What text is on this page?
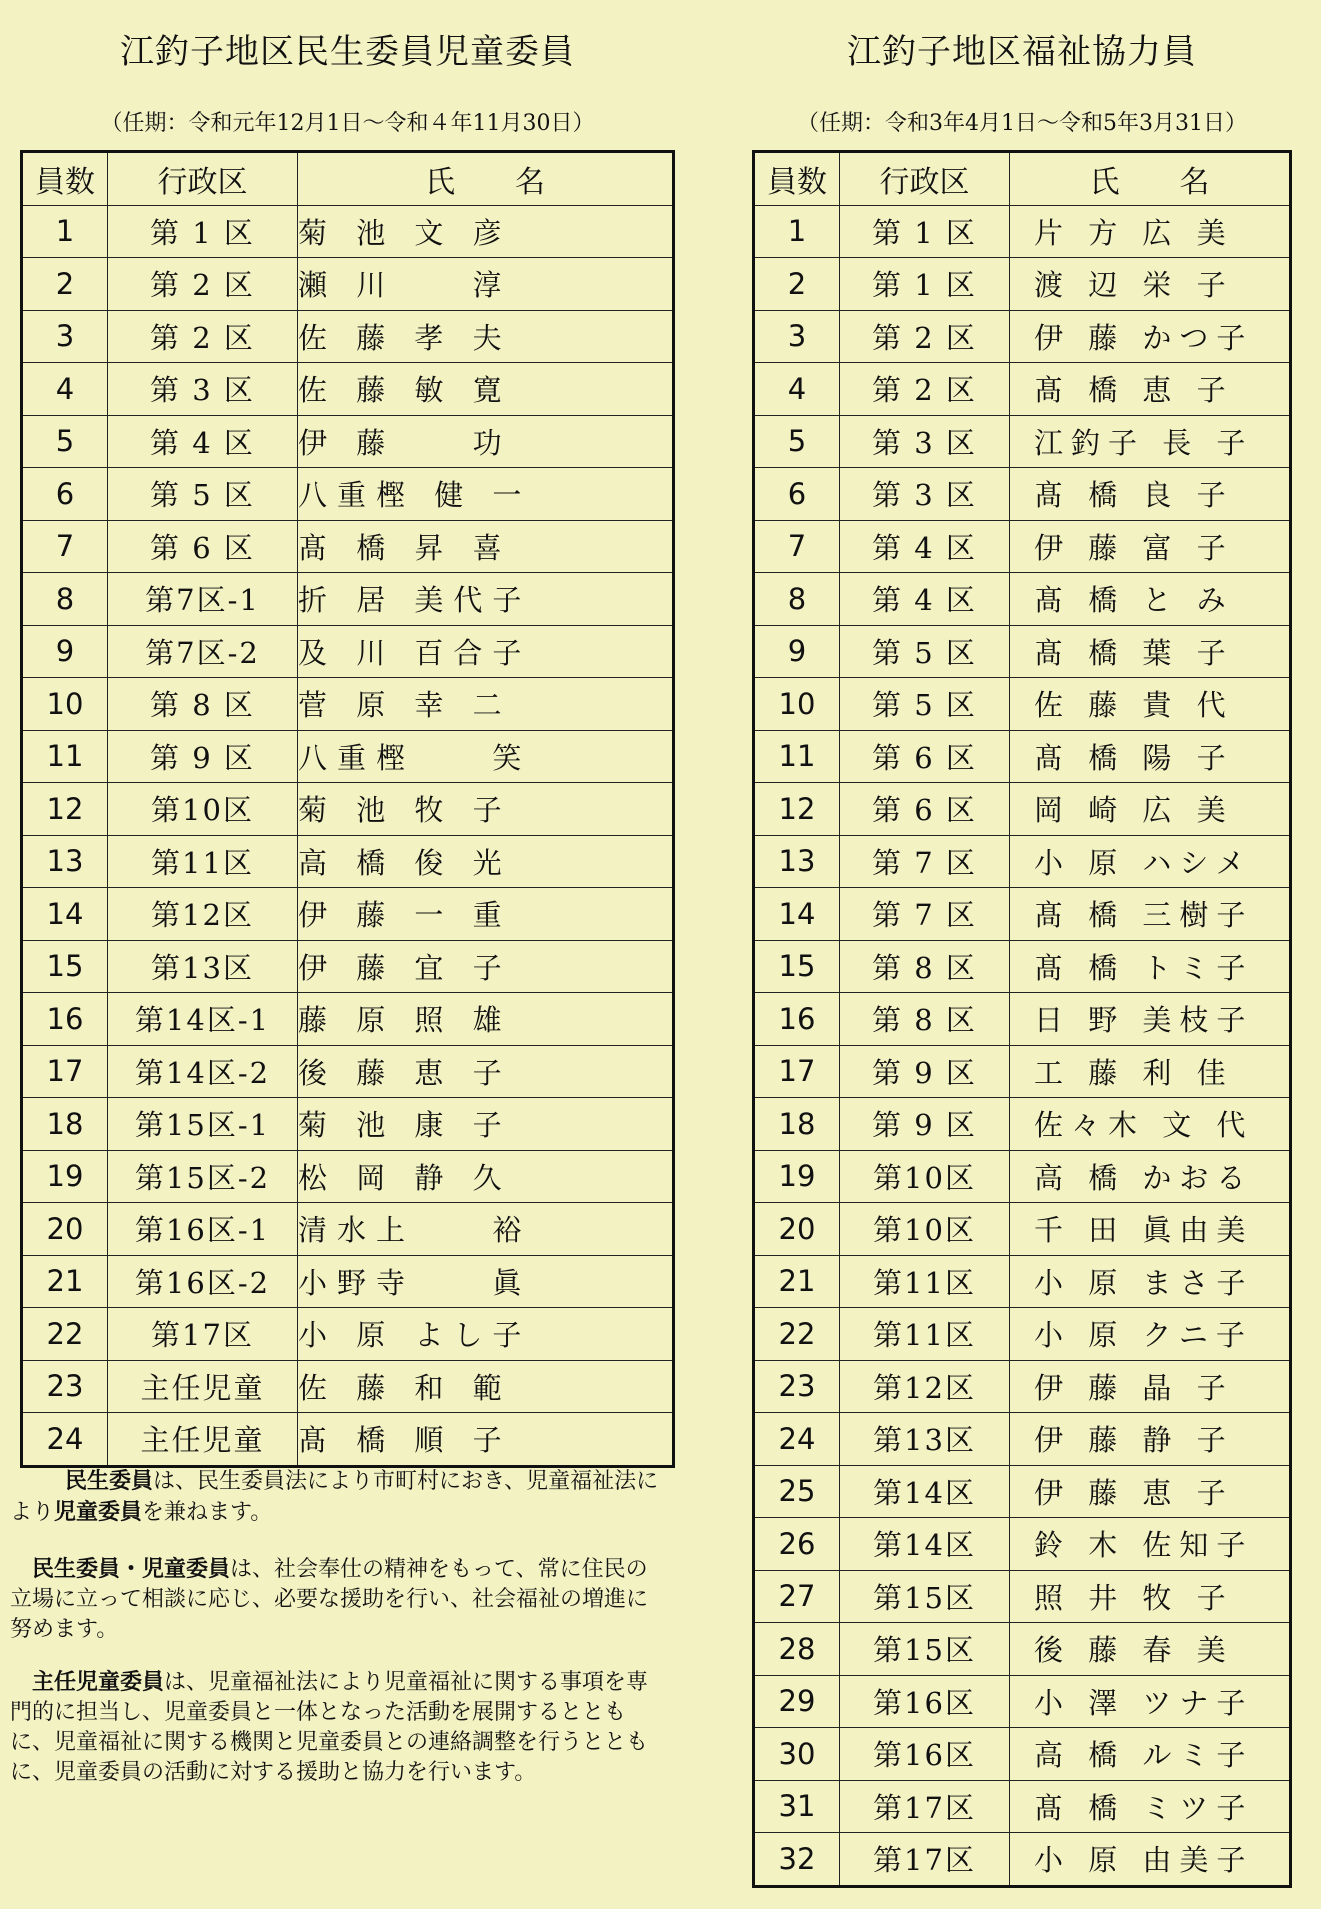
江釣子地区民生委員児童委員
（任期：令和元年12月1日～令和４年11月30日）
員数	行政区	氏　　名
1	第 1 区	菊 池 文 彦
2	第 2 区	瀬 川 　 淳
3	第 2 区	佐 藤 孝 夫
4	第 3 区	佐 藤 敏 寛
5	第 4 区	伊 藤 　 功
6	第 5 区	八重樫 健 一
7	第 6 区	髙 橋 昇 喜
8	第7区-1	折 居 美代子
9	第7区-2	及 川 百合子
10	第 8 区	菅 原 幸 二
11	第 9 区	八重樫 　 笑
12	第10区	菊 池 牧 子
13	第11区	高 橋 俊 光
14	第12区	伊 藤 一 重
15	第13区	伊 藤 宜 子
16	第14区-1	藤 原 照 雄
17	第14区-2	後 藤 恵 子
18	第15区-1	菊 池 康 子
19	第15区-2	松 岡 静 久
20	第16区-1	清水上 　 裕
21	第16区-2	小野寺 　 眞
22	第17区	小 原 よし子
23	主任児童	佐 藤 和 範
24	主任児童	髙 橋 順 子
江釣子地区福祉協力員
（任期：令和3年4月1日～令和5年3月31日）
員数	行政区	氏　　名
1	第 1 区	片 方 広 美
2	第 1 区	渡 辺 栄 子
3	第 2 区	伊 藤 かつ子
4	第 2 区	髙 橋 恵 子
5	第 3 区	江釣子 長 子
6	第 3 区	髙 橋 良 子
7	第 4 区	伊 藤 富 子
8	第 4 区	髙 橋 と み
9	第 5 区	髙 橋 葉 子
10	第 5 区	佐 藤 貴 代
11	第 6 区	髙 橋 陽 子
12	第 6 区	岡 崎 広 美
13	第 7 区	小 原 ハシメ
14	第 7 区	髙 橋 三樹子
15	第 8 区	髙 橋 トミ子
16	第 8 区	日 野 美枝子
17	第 9 区	工 藤 利 佳
18	第 9 区	佐々木 文 代
19	第10区	高 橋 かおる
20	第10区	千 田 眞由美
21	第11区	小 原 まさ子
22	第11区	小 原 クニ子
23	第12区	伊 藤 晶 子
24	第13区	伊 藤 静 子
25	第14区	伊 藤 恵 子
26	第14区	鈴 木 佐知子
27	第15区	照 井 牧 子
28	第15区	後 藤 春 美
29	第16区	小 澤 ツナ子
30	第16区	高 橋 ルミ子
31	第17区	髙 橋 ミツ子
32	第17区	小 原 由美子

民生委員は、民生委員法により市町村におき、児童福祉法により児童委員を兼ねます。

民生委員・児童委員は、社会奉仕の精神をもって、常に住民の立場に立って相談に応じ、必要な援助を行い、社会福祉の増進に努めます。

主任児童委員は、児童福祉法により児童福祉に関する事項を専門的に担当し、児童委員と一体となった活動を展開するとともに、児童福祉に関する機関と児童委員との連絡調整を行うとともに、児童委員の活動に対する援助と協力を行います。
